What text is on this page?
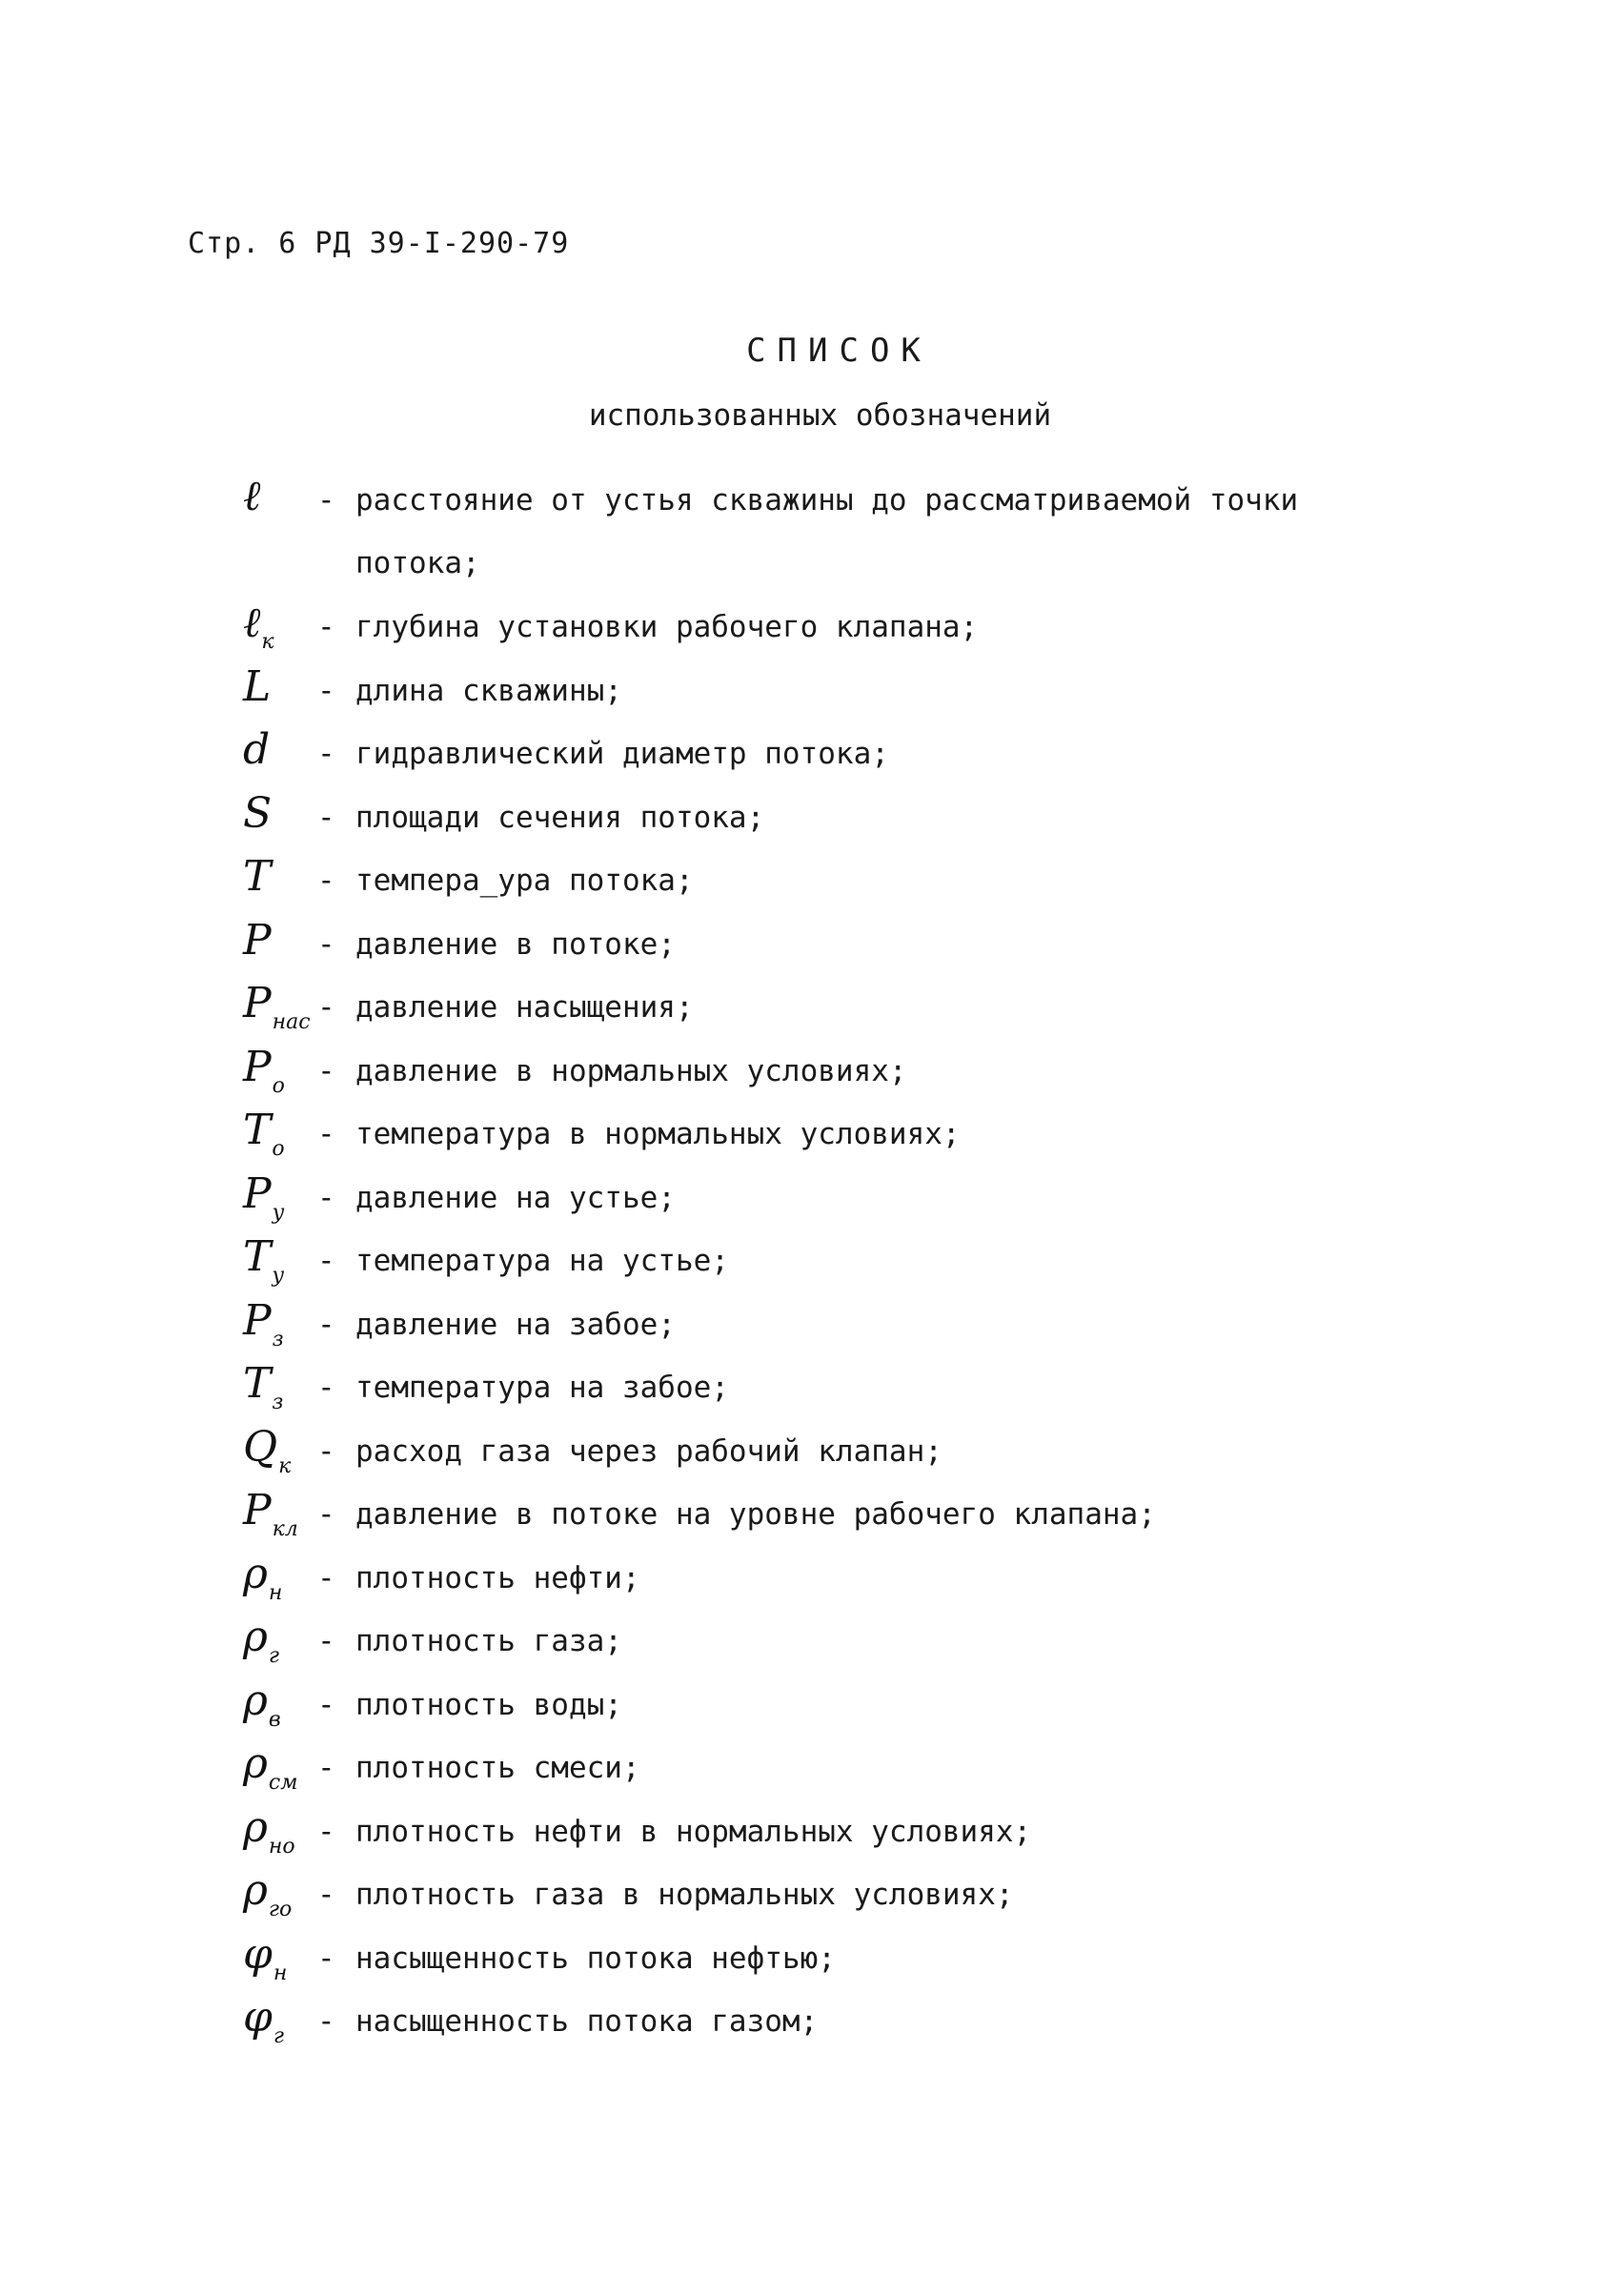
Стр. 6 РД 39-I-290-79
СПИСОК
использованных обозначений
ℓ	- расстояние от устья скважины до рассматриваемой точки
потока;
ℓ$_к$	- глубина установки рабочего клапана;
L	- длина скважины;
d	- гидравлический диаметр потока;
S	- площади сечения потока;
T	- темпера_ура потока;
P	- давление в потоке;
$P_{нас}$ - давление насыщения;
$P_o$	- давление в нормальных условиях;
$T_o$	- температура в нормальных условиях;
$P_у$	- давление на устье;
$T_у$	- температура на устье;
$P_з$	- давление на забое;
$T_з$	- температура на забое;
$Q_к$ - расход газа через рабочий клапан;
$P_{кл}$ - давление в потоке на уровне рабочего клапана;
$\rho_н$	- плотность нефти;
$\rho_г$	- плотность газа;
$\rho_в$	- плотность воды;
$\rho_{см}$ - плотность смеси;
$\rho_{но}$ - плотность нефти в нормальных условиях;
$\rho_{го}$ - плотность газа в нормальных условиях;
$\varphi_н$	- насыщенность потока нефтью;
$\varphi_г$	- насыщенность потока газом;
